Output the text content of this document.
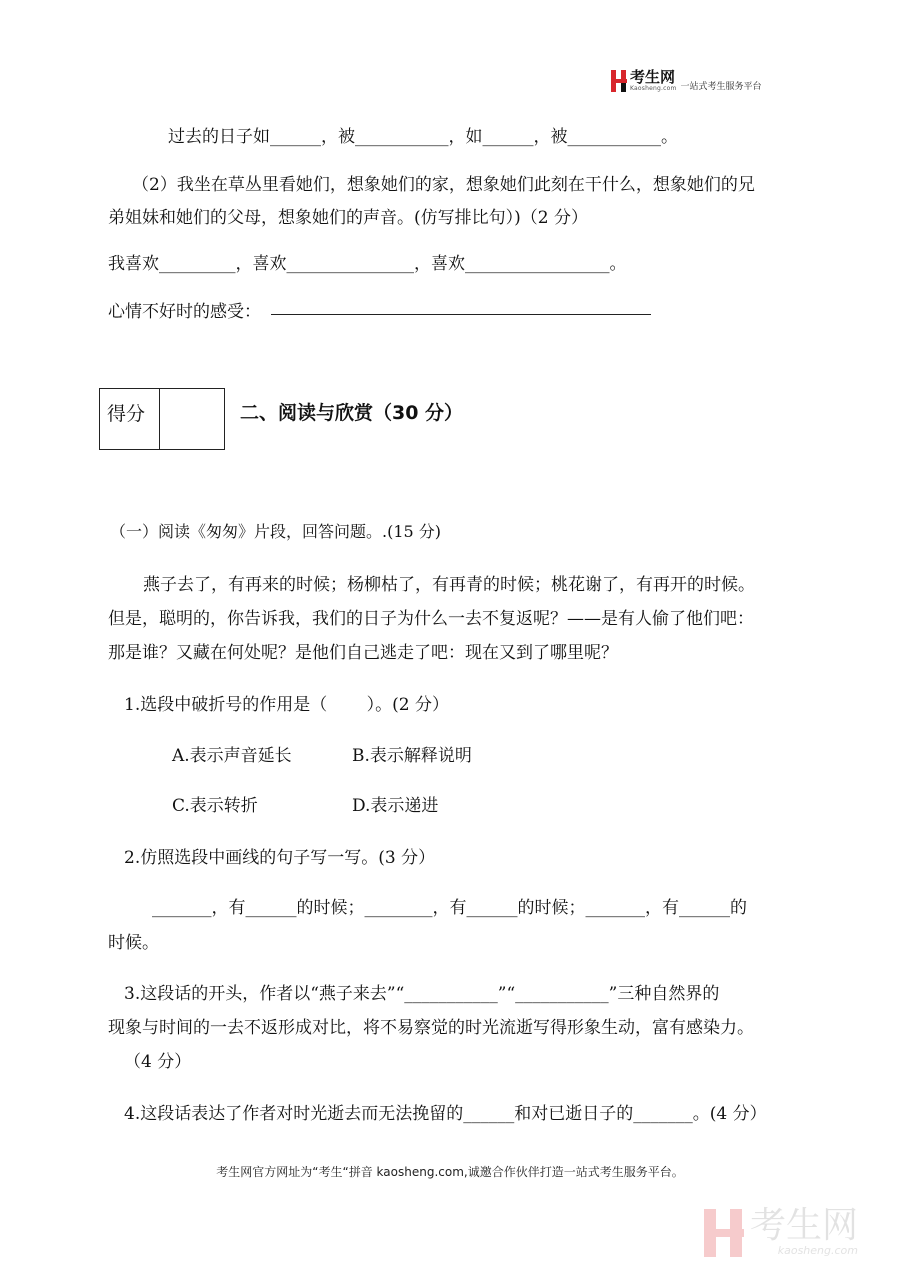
考生网
Kaosheng.com 一站式考生服务平台
过去的日子如______，被___________，如______，被___________。
（2）我坐在草丛里看她们，想象她们的家，想象她们此刻在干什么，想象她们的兄
弟姐妹和她们的父母，想象她们的声音。(仿写排比句）)（2 分）
我喜欢_________，喜欢_______________，喜欢_________________。
心情不好时的感受：
得分	二、阅读与欣赏（30 分）
（一）阅读《匆匆》片段，回答问题。.(15 分)
燕子去了，有再来的时候；杨柳枯了，有再青的时候；桃花谢了，有再开的时候。
但是，聪明的，你告诉我，我们的日子为什么一去不复返呢？——是有人偷了他们吧：
那是谁？又藏在何处呢？是他们自己逃走了吧：现在又到了哪里呢？
1.选段中破折号的作用是（　　 ）。(2 分）
A.表示声音延长	B.表示解释说明
C.表示转折	D.表示递进
2.仿照选段中画线的句子写一写。(3 分）
_______，有______的时候；________，有______的时候；_______，有______的
时候。
3.这段话的开头，作者以“燕子来去”“___________”“___________”三种自然界的
现象与时间的一去不返形成对比，将不易察觉的时光流逝写得形象生动，富有感染力。
（4 分）
4.这段话表达了作者对时光逝去而无法挽留的______和对已逝日子的_______。(4 分）
考生网官方网址为“考生“拼音 kaosheng.com,诚邀合作伙伴打造一站式考生服务平台。
考生网
kaosheng.com
